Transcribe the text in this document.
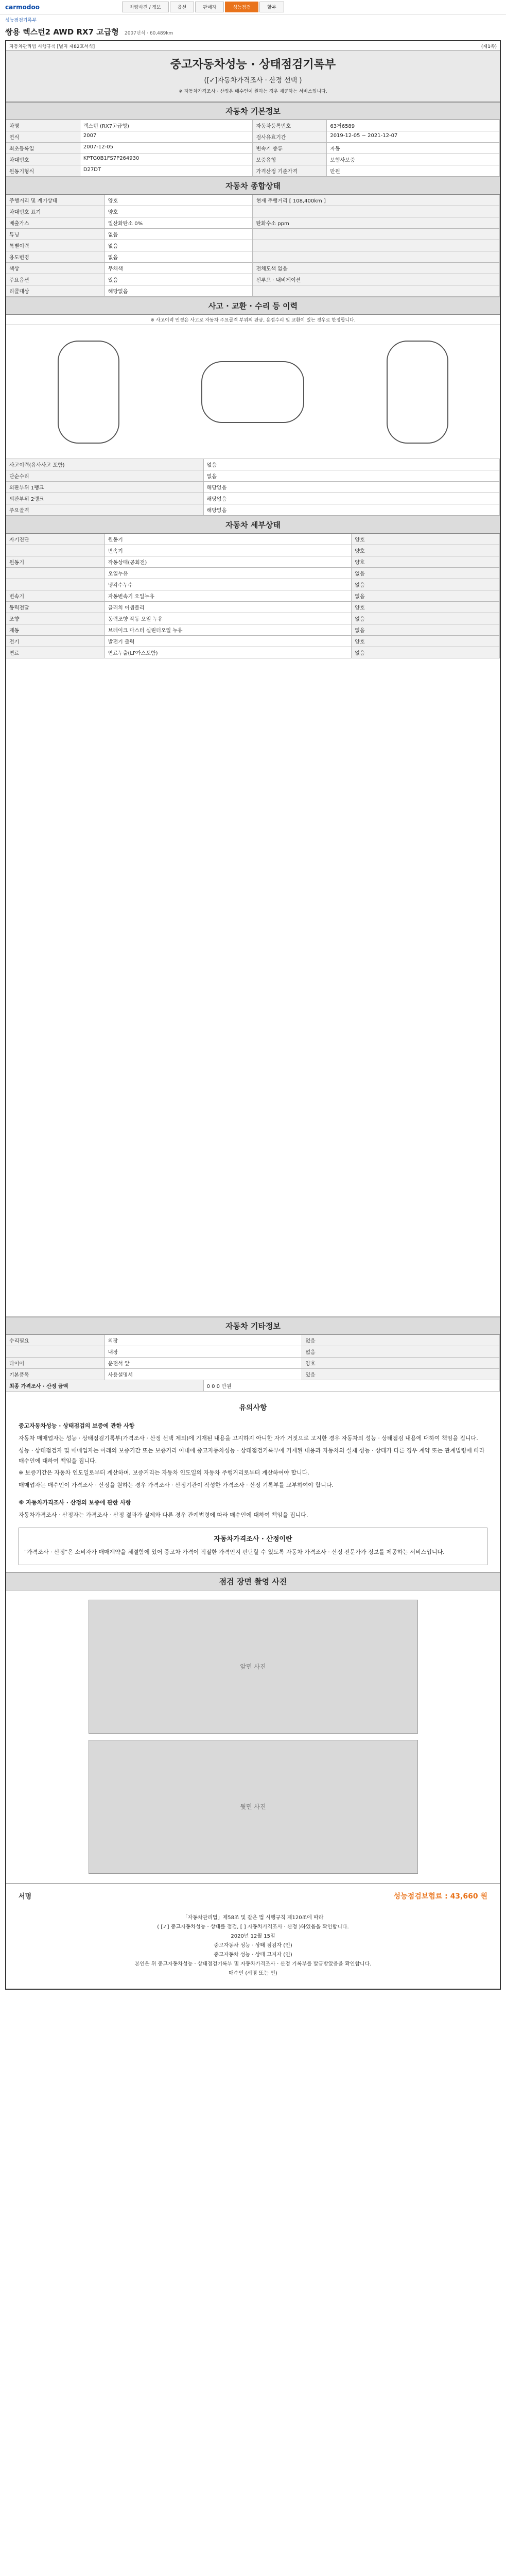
carmodoo	차량사진 / 정보	옵션	판매자	성능점검	할부
성능점검기록부
쌍용 렉스턴2 AWD RX7 고급형 2007년식 · 60,489km
자동차관리법 시행규칙 [별지 제82호서식]	(제1쪽)
중고자동차성능 · 상태점검기록부
([✓]자동차가격조사 · 산정 선택 )
※ 자동차가격조사 · 산정은 매수인이 원하는 경우 제공하는 서비스입니다.
자동차 기본정보
차명	렉스턴 (RX7고급형)	자동차등록번호	63거6589
연식	2007	검사유효기간	2019-12-05 ~ 2021-12-07
최초등록일	2007-12-05	변속기 종류	자동
차대번호	KPTG0B1FS7P264930	보증유형	보험사보증
원동기형식	D27DT	가격산정 기준가격	만원
자동차 종합상태
주행거리 및 계기상태	양호	현재 주행거리 [ 108,400km ]
차대번호 표기	양호
배출가스	일산화탄소 0%	탄화수소 ppm
튜닝	없음
특별이력	없음
용도변경	없음
색상	무채색	전체도색 없음
주요옵션	있음	선루프 · 내비게이션
리콜대상	해당없음
사고 · 교환 · 수리 등 이력
※ 사고이력 인정은 사고로 자동차 주요골격 부위의 판금, 용접수리 및 교환이 있는 경우로 한정합니다.
사고이력(유사사고 포함)	없음
단순수리	없음
외판부위 1랭크	해당없음
외판부위 2랭크	해당없음
주요골격	해당없음
자동차 세부상태
자기진단	원동기	양호
변속기	양호
원동기	작동상태(공회전)	양호
오일누유	없음
냉각수누수	없음
변속기	자동변속기 오일누유	없음
동력전달	클러치 어셈블리	양호
조향	동력조향 작동 오일 누유	없음
제동	브레이크 마스터 실린더오일 누유	없음
전기	발전기 출력	양호
연료	연료누출(LP가스포함)	없음
자동차 기타정보
수리필요	외장	없음
내장	없음
타이어	운전석 앞	양호
기본품목	사용설명서	있음
최종 가격조사 · 산정 금액	0 0 0 만원
유의사항

중고자동차성능 · 상태점검의 보증에 관한 사항

자동차 매매업자는 성능 · 상태점검기록부(가격조사 · 산정 선택 제외)에 기재된 내용을 고지하지 아니한 자가 거짓으로 고지한 경우 자동차의 성능 · 상태점검 내용에 대하여 책임을 집니다.

성능 · 상태점검자 및 매매업자는 아래의 보증기간 또는 보증거리 이내에 중고자동차성능 · 상태점검기록부에 기재된 내용과 자동차의 실제 성능 · 상태가 다른 경우 계약 또는 관계법령에 따라 매수인에 대하여 책임을 집니다.

※ 보증기간은 자동차 인도일로부터 계산하며, 보증거리는 자동차 인도일의 자동차 주행거리로부터 계산하여야 합니다.

매매업자는 매수인이 가격조사 · 산정을 원하는 경우 가격조사 · 산정기관이 작성한 가격조사 · 산정 기록부를 교부하여야 합니다.

※ 자동차가격조사 · 산정의 보증에 관한 사항

자동차가격조사 · 산정자는 가격조사 · 산정 결과가 실제와 다른 경우 관계법령에 따라 매수인에 대하여 책임을 집니다.

자동차가격조사 · 산정이란

"가격조사 · 산정"은 소비자가 매매계약을 체결함에 있어 중고차 가격이 적절한 가격인지 판단할 수 있도록 자동차 가격조사 · 산정 전문가가 정보를 제공하는 서비스입니다.

점검 장면 촬영 사진
앞면 사진
뒷면 사진
서명	성능점검보험료 : 43,660 원
「자동차관리법」제58조 및 같은 법 시행규칙 제120조에 따라
( [✓] 중고자동차성능 · 상태를 점검, [ ] 자동차가격조사 · 산정 )하였음을 확인합니다.
2020년 12월 15일
중고자동차 성능 · 상태 점검자 (인)
중고자동차 성능 · 상태 고지자 (인)
본인은 위 중고자동차성능 · 상태점검기록부 및 자동차가격조사 · 산정 기록부를 발급받았음을 확인합니다.
매수인 (서명 또는 인)
